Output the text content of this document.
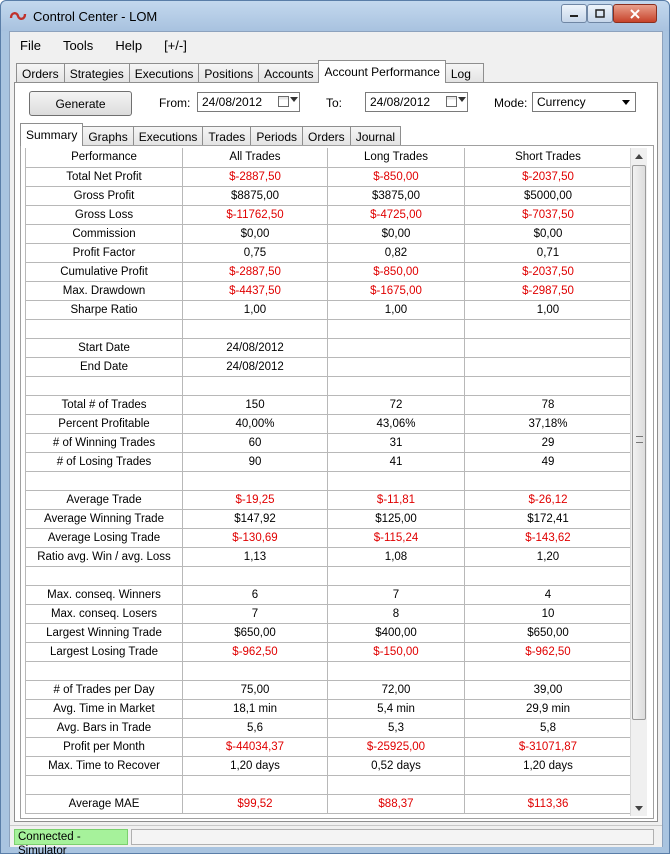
Control Center - LOM
File Tools Help [+/-]
Orders Strategies Executions Positions Accounts Account Performance Log
Generate	From: 24/08/2012	To:	24/08/2012	Mode: Currency
Summary Graphs Executions Trades Periods Orders Journal
Performance	All Trades	Long Trades	Short Trades
Total Net Profit	$-2887,50	$-850,00	$-2037,50
Gross Profit	$8875,00	$3875,00	$5000,00
Gross Loss	$-11762,50	$-4725,00	$-7037,50
Commission	$0,00	$0,00	$0,00
Profit Factor	0,75	0,82	0,71
Cumulative Profit	$-2887,50	$-850,00	$-2037,50
Max. Drawdown	$-4437,50	$-1675,00	$-2987,50
Sharpe Ratio	1,00	1,00	1,00

Start Date	24/08/2012		
End Date	24/08/2012		

Total # of Trades	150	72	78
Percent Profitable	40,00%	43,06%	37,18%
# of Winning Trades	60	31	29
# of Losing Trades	90	41	49

Average Trade	$-19,25	$-11,81	$-26,12
Average Winning Trade	$147,92	$125,00	$172,41
Average Losing Trade	$-130,69	$-115,24	$-143,62
Ratio avg. Win / avg. Loss	1,13	1,08	1,20

Max. conseq. Winners	6	7	4
Max. conseq. Losers	7	8	10
Largest Winning Trade	$650,00	$400,00	$650,00
Largest Losing Trade	$-962,50	$-150,00	$-962,50

# of Trades per Day	75,00	72,00	39,00
Avg. Time in Market	18,1 min	5,4 min	29,9 min
Avg. Bars in Trade	5,6	5,3	5,8
Profit per Month	$-44034,37	$-25925,00	$-31071,87
Max. Time to Recover	1,20 days	0,52 days	1,20 days

Average MAE	$99,52	$88,37	$113,36
Connected - Simulator
